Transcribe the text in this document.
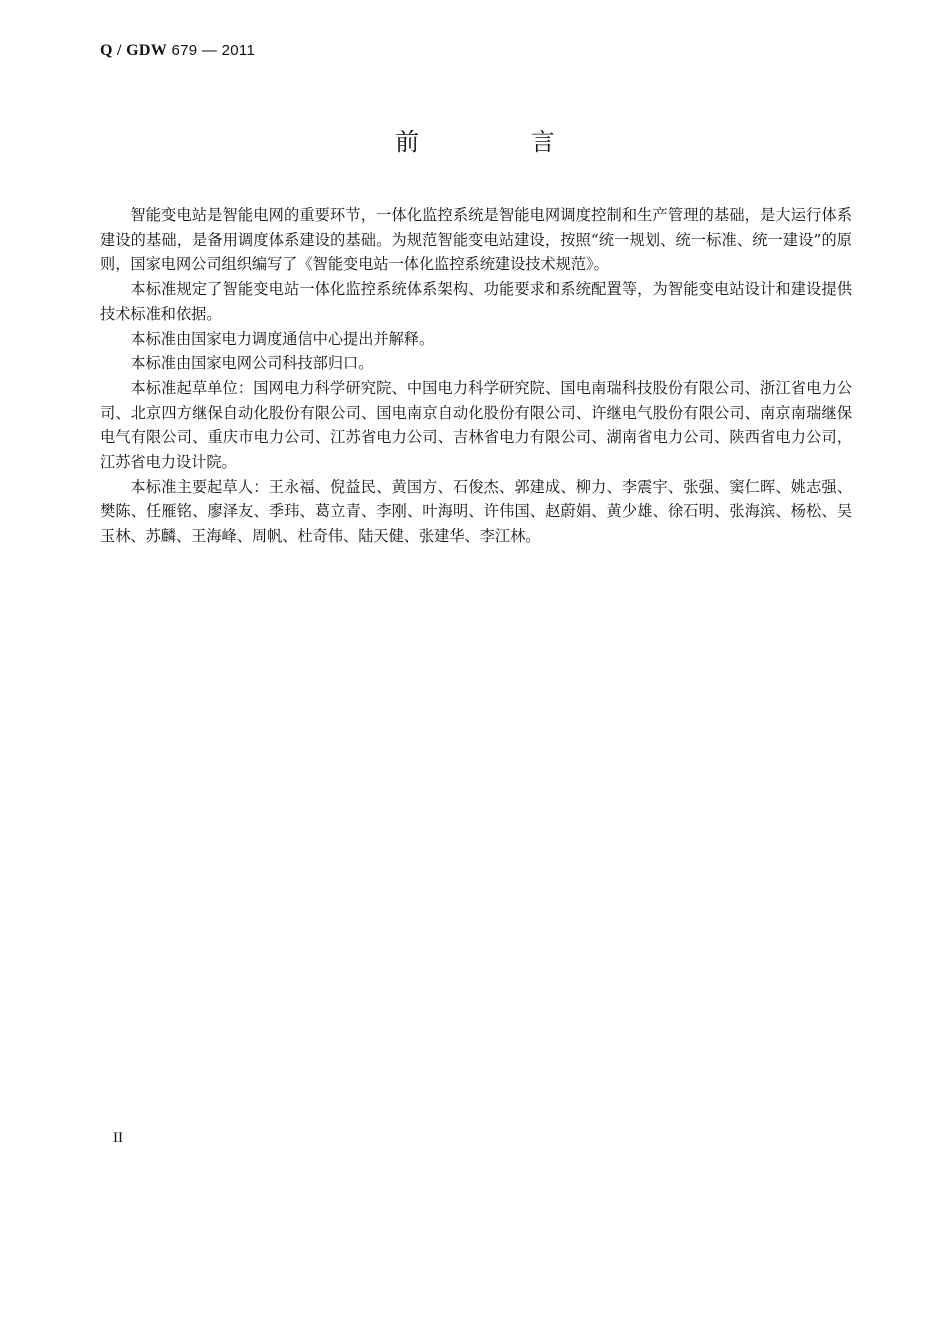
Q / GDW 679 — 2011
前 言

智能变电站是智能电网的重要环节，一体化监控系统是智能电网调度控制和生产管理的基础，是大运行体系建设的基础，是备用调度体系建设的基础。为规范智能变电站建设，按照“统一规划、统一标准、统一建设”的原则，国家电网公司组织编写了《智能变电站一体化监控系统建设技术规范》。

本标准规定了智能变电站一体化监控系统体系架构、功能要求和系统配置等，为智能变电站设计和建设提供技术标准和依据。

本标准由国家电力调度通信中心提出并解释。

本标准由国家电网公司科技部归口。

本标准起草单位：国网电力科学研究院、中国电力科学研究院、国电南瑞科技股份有限公司、浙江省电力公司、北京四方继保自动化股份有限公司、国电南京自动化股份有限公司、许继电气股份有限公司、南京南瑞继保电气有限公司、重庆市电力公司、江苏省电力公司、吉林省电力有限公司、湖南省电力公司、陕西省电力公司，江苏省电力设计院。

本标准主要起草人：王永福、倪益民、黄国方、石俊杰、郭建成、柳力、李震宇、张强、窦仁晖、姚志强、樊陈、任雁铭、廖泽友、季玮、葛立青、李刚、叶海明、许伟国、赵蔚娟、黄少雄、徐石明、张海滨、杨松、吴玉林、苏麟、王海峰、周帆、杜奇伟、陆天健、张建华、李江林。

II
